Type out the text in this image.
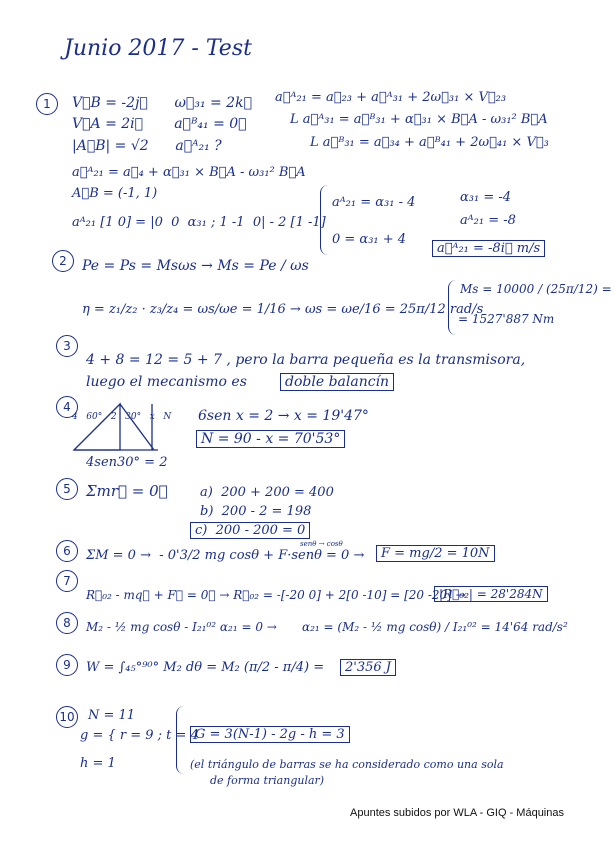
Junio 2017 - Test
1	V⃗B = -2j⃗      ω⃗₃₁ = 2k⃗
V⃗A = 2i⃗       a⃗ᴮ₄₁ = 0⃗
|A⃗B| = √2      a⃗ᴬ₂₁ ?
a⃗ᴬ₂₁ = a⃗₂₃ + a⃗ᴬ₃₁ + 2ω⃗₃₁ × V⃗₂₃
L a⃗ᴬ₃₁ = a⃗ᴮ₃₁ + α⃗₃₁ × B⃗A - ω₃₁² B⃗A
L a⃗ᴮ₃₁ = a⃗₃₄ + a⃗ᴮ₄₁ + 2ω⃗₄₁ × V⃗₃
a⃗ᴬ₂₁ = a⃗₄ + α⃗₃₁ × B⃗A - ω₃₁² B⃗A
A⃗B = (-1, 1)
aᴬ₂₁ [1 0] = |0  0  α₃₁ ; 1 -1  0| - 2 [1 -1]
aᴬ₂₁ = α₃₁ - 4
0 = α₃₁ + 4
α₃₁ = -4
aᴬ₂₁ = -8
a⃗ᴬ₂₁ = -8i⃗ m/s
2	Pe = Ps = Msωs → Ms = Pe / ωs
η = z₁/z₂ · z₃/z₄ = ωs/ωe = 1/16 → ωs = ωe/16 = 25π/12 rad/s
Ms = 10000 / (25π/12) =
= 1527'887 Nm
3
4 + 8 = 12 = 5 + 7 , pero la barra pequeña es la transmisora,
luego el mecanismo es	doble balancín
4
4   60°   2   30°   x   N 6sen x = 2 → x = 19'47°
N = 90 - x = 70'53°
4sen30° = 2
5	Σmr⃗ = 0⃗ a)  200 + 200 = 400
b)  200 - 2 = 198
c)  200 - 200 = 0
6	senθ → cosθ
ΣM = 0 →  - 0'3/2 mg cosθ + F·senθ = 0 →	F = mg/2 = 10N
7
R⃗₀₂ - mq⃗ + F⃗ = 0⃗ → R⃗₀₂ = -[-20 0] + 2[0 -10] = [20 -20] →
|R⃗₀₂| = 28'284N
8	M₂ - ½ mg cosθ - I₂₁⁰² α₂₁ = 0 → α₂₁ = (M₂ - ½ mg cosθ) / I₂₁⁰² = 14'64 rad/s²
9	W = ∫₄₅°⁹⁰° M₂ dθ = M₂ (π/2 - π/4) =	2'356 J
10 N = 11
g = { r = 9 ; t = 4
h = 1
G = 3(N-1) - 2g - h = 3
(el triángulo de barras se ha considerado como una sola
de forma triangular)
Apuntes subidos por WLA - GIQ - Máquinas
